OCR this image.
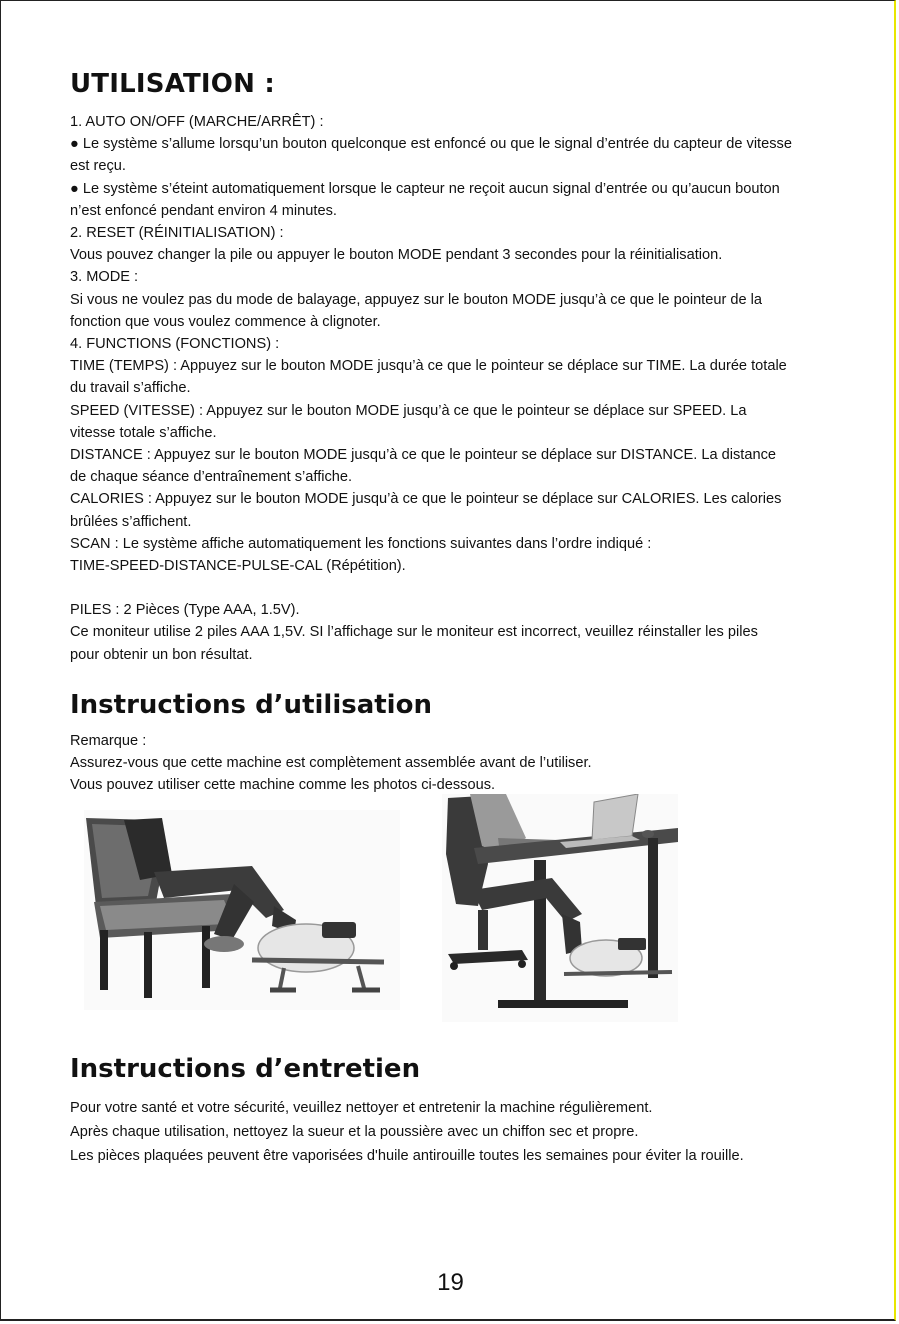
UTILISATION :

1. AUTO ON/OFF (MARCHE/ARRÊT) :

● Le système s’allume lorsqu’un bouton quelconque est enfoncé ou que le signal d’entrée du capteur de vitesse

est reçu.

● Le système s’éteint automatiquement lorsque le capteur ne reçoit aucun signal d’entrée ou qu’aucun bouton

n’est enfoncé pendant environ 4 minutes.

2. RESET (RÉINITIALISATION) :

Vous pouvez changer la pile ou appuyer le bouton MODE pendant 3 secondes pour la réinitialisation.

3. MODE :

Si vous ne voulez pas du mode de balayage, appuyez sur le bouton MODE jusqu’à ce que le pointeur de la

fonction que vous voulez commence à clignoter.

4. FUNCTIONS (FONCTIONS) :

TIME (TEMPS) : Appuyez sur le bouton MODE jusqu’à ce que le pointeur se déplace sur TIME. La durée totale

du travail s’affiche.

SPEED (VITESSE) : Appuyez sur le bouton MODE jusqu’à ce que le pointeur se déplace sur SPEED. La

vitesse totale s’affiche.

DISTANCE : Appuyez sur le bouton MODE jusqu’à ce que le pointeur se déplace sur DISTANCE. La distance

de chaque séance d’entraînement s’affiche.

CALORIES : Appuyez sur le bouton MODE jusqu’à ce que le pointeur se déplace sur CALORIES. Les calories

brûlées s’affichent.

SCAN : Le système affiche automatiquement les fonctions suivantes dans l’ordre indiqué :

TIME-SPEED-DISTANCE-PULSE-CAL (Répétition).

PILES : 2 Pièces (Type AAA, 1.5V).

Ce moniteur utilise 2 piles AAA 1,5V. SI l’affichage sur le moniteur est incorrect, veuillez réinstaller les piles

pour obtenir un bon résultat.

Instructions d’utilisation

Remarque :

Assurez-vous que cette machine est complètement assemblée avant de l’utiliser.

Vous pouvez utiliser cette machine comme les photos ci-dessous.

Instructions d’entretien

Pour votre santé et votre sécurité, veuillez nettoyer et entretenir la machine régulièrement.

Après chaque utilisation, nettoyez la sueur et la poussière avec un chiffon sec et propre.

Les pièces plaquées peuvent être vaporisées d'huile antirouille toutes les semaines pour éviter la rouille.

19
